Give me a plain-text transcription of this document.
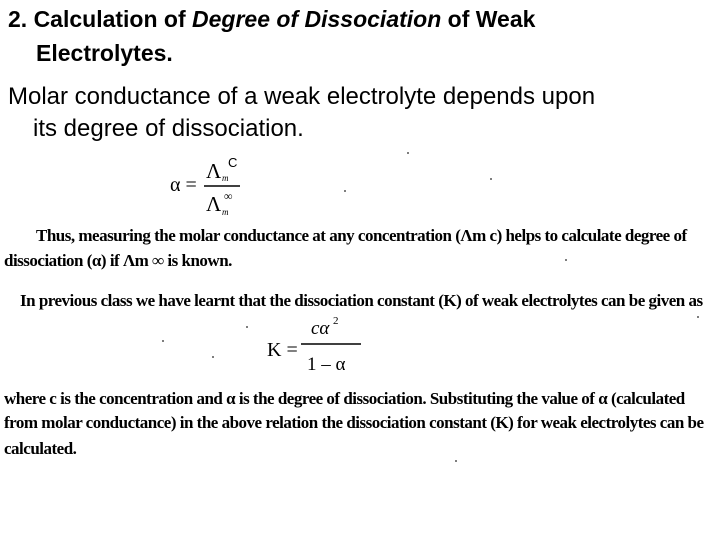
2. Calculation of Degree of Dissociation of Weak
Electrolytes.
Molar conductance of a weak electrolyte depends upon
its degree of dissociation.
α =
Λ m
C
Λ m
∞
Thus, measuring the molar conductance at any concentration (Λm c) helps to calculate degree of
dissociation (α) if Λm ∞ is known.
In previous class we have learnt that the dissociation constant (K) of weak electrolytes can be given as
K =
cα 2
1 – α
where c is the concentration and α is the degree of dissociation. Substituting the value of α (calculated
from molar conductance) in the above relation the dissociation constant (K) for weak electrolytes can be
calculated.
